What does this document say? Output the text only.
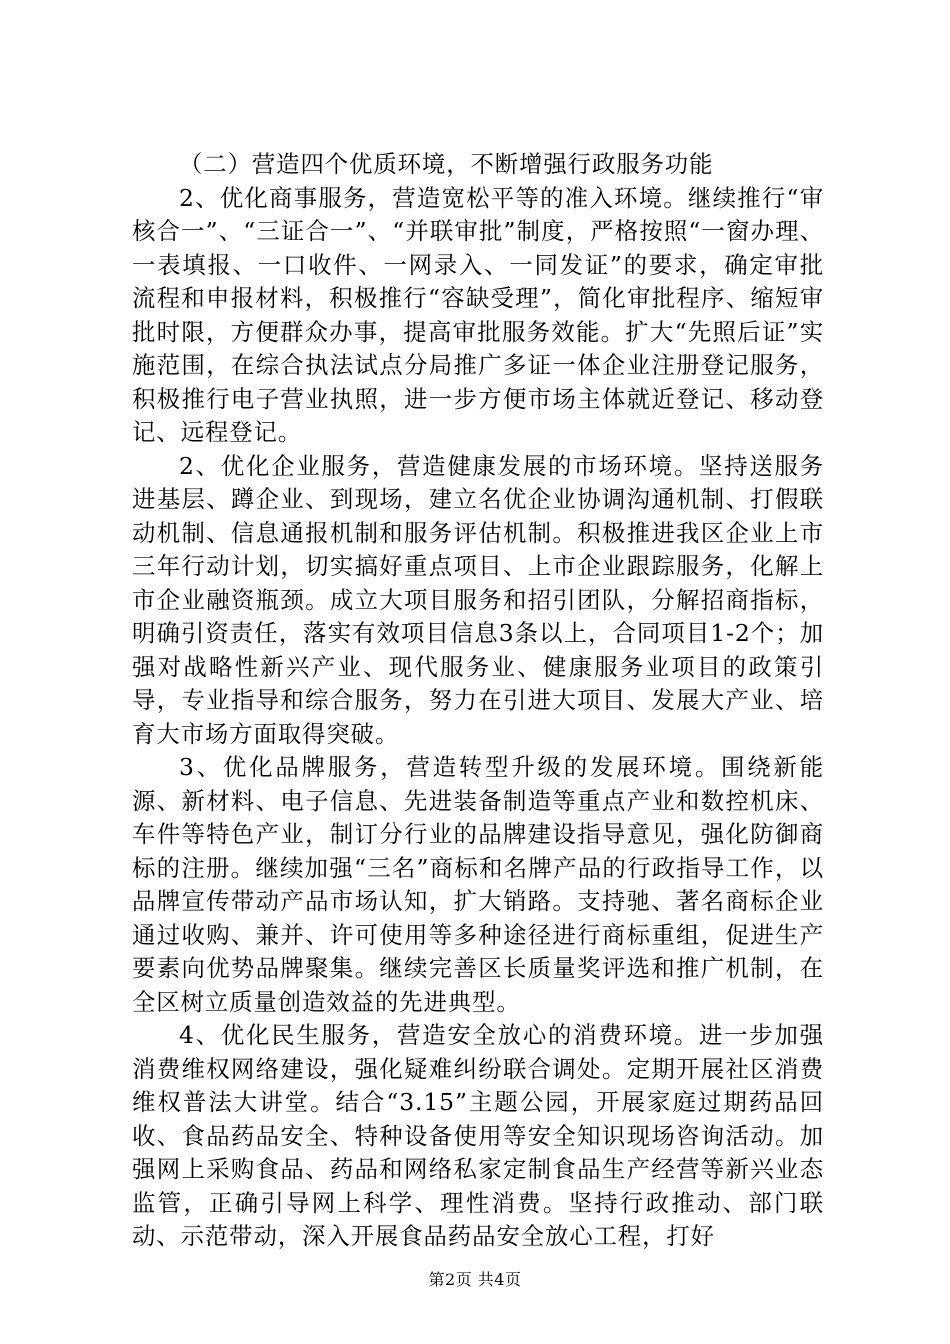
（二）营造四个优质环境，不断增强行政服务功能

2、优化商事服务，营造宽松平等的准入环境。继续推行“审核合一”、“三证合一”、“并联审批”制度，严格按照“一窗办理、一表填报、一口收件、一网录入、一同发证”的要求，确定审批流程和申报材料，积极推行“容缺受理”，简化审批程序、缩短审批时限，方便群众办事，提高审批服务效能。扩大“先照后证”实施范围，在综合执法试点分局推广多证一体企业注册登记服务，积极推行电子营业执照，进一步方便市场主体就近登记、移动登记、远程登记。

2、优化企业服务，营造健康发展的市场环境。坚持送服务进基层、蹲企业、到现场，建立名优企业协调沟通机制、打假联动机制、信息通报机制和服务评估机制。积极推进我区企业上市三年行动计划，切实搞好重点项目、上市企业跟踪服务，化解上市企业融资瓶颈。成立大项目服务和招引团队，分解招商指标，明确引资责任，落实有效项目信息3条以上，合同项目1-2个；加强对战略性新兴产业、现代服务业、健康服务业项目的政策引导，专业指导和综合服务，努力在引进大项目、发展大产业、培育大市场方面取得突破。

3、优化品牌服务，营造转型升级的发展环境。围绕新能源、新材料、电子信息、先进装备制造等重点产业和数控机床、车件等特色产业，制订分行业的品牌建设指导意见，强化防御商标的注册。继续加强“三名”商标和名牌产品的行政指导工作，以品牌宣传带动产品市场认知，扩大销路。支持驰、著名商标企业通过收购、兼并、许可使用等多种途径进行商标重组，促进生产要素向优势品牌聚集。继续完善区长质量奖评选和推广机制，在全区树立质量创造效益的先进典型。

4、优化民生服务，营造安全放心的消费环境。进一步加强消费维权网络建设，强化疑难纠纷联合调处。定期开展社区消费维权普法大讲堂。结合“3.15”主题公园，开展家庭过期药品回收、食品药品安全、特种设备使用等安全知识现场咨询活动。加强网上采购食品、药品和网络私家定制食品生产经营等新兴业态监管，正确引导网上科学、理性消费。坚持行政推动、部门联动、示范带动，深入开展食品药品安全放心工程，打好

第2页 共4页
